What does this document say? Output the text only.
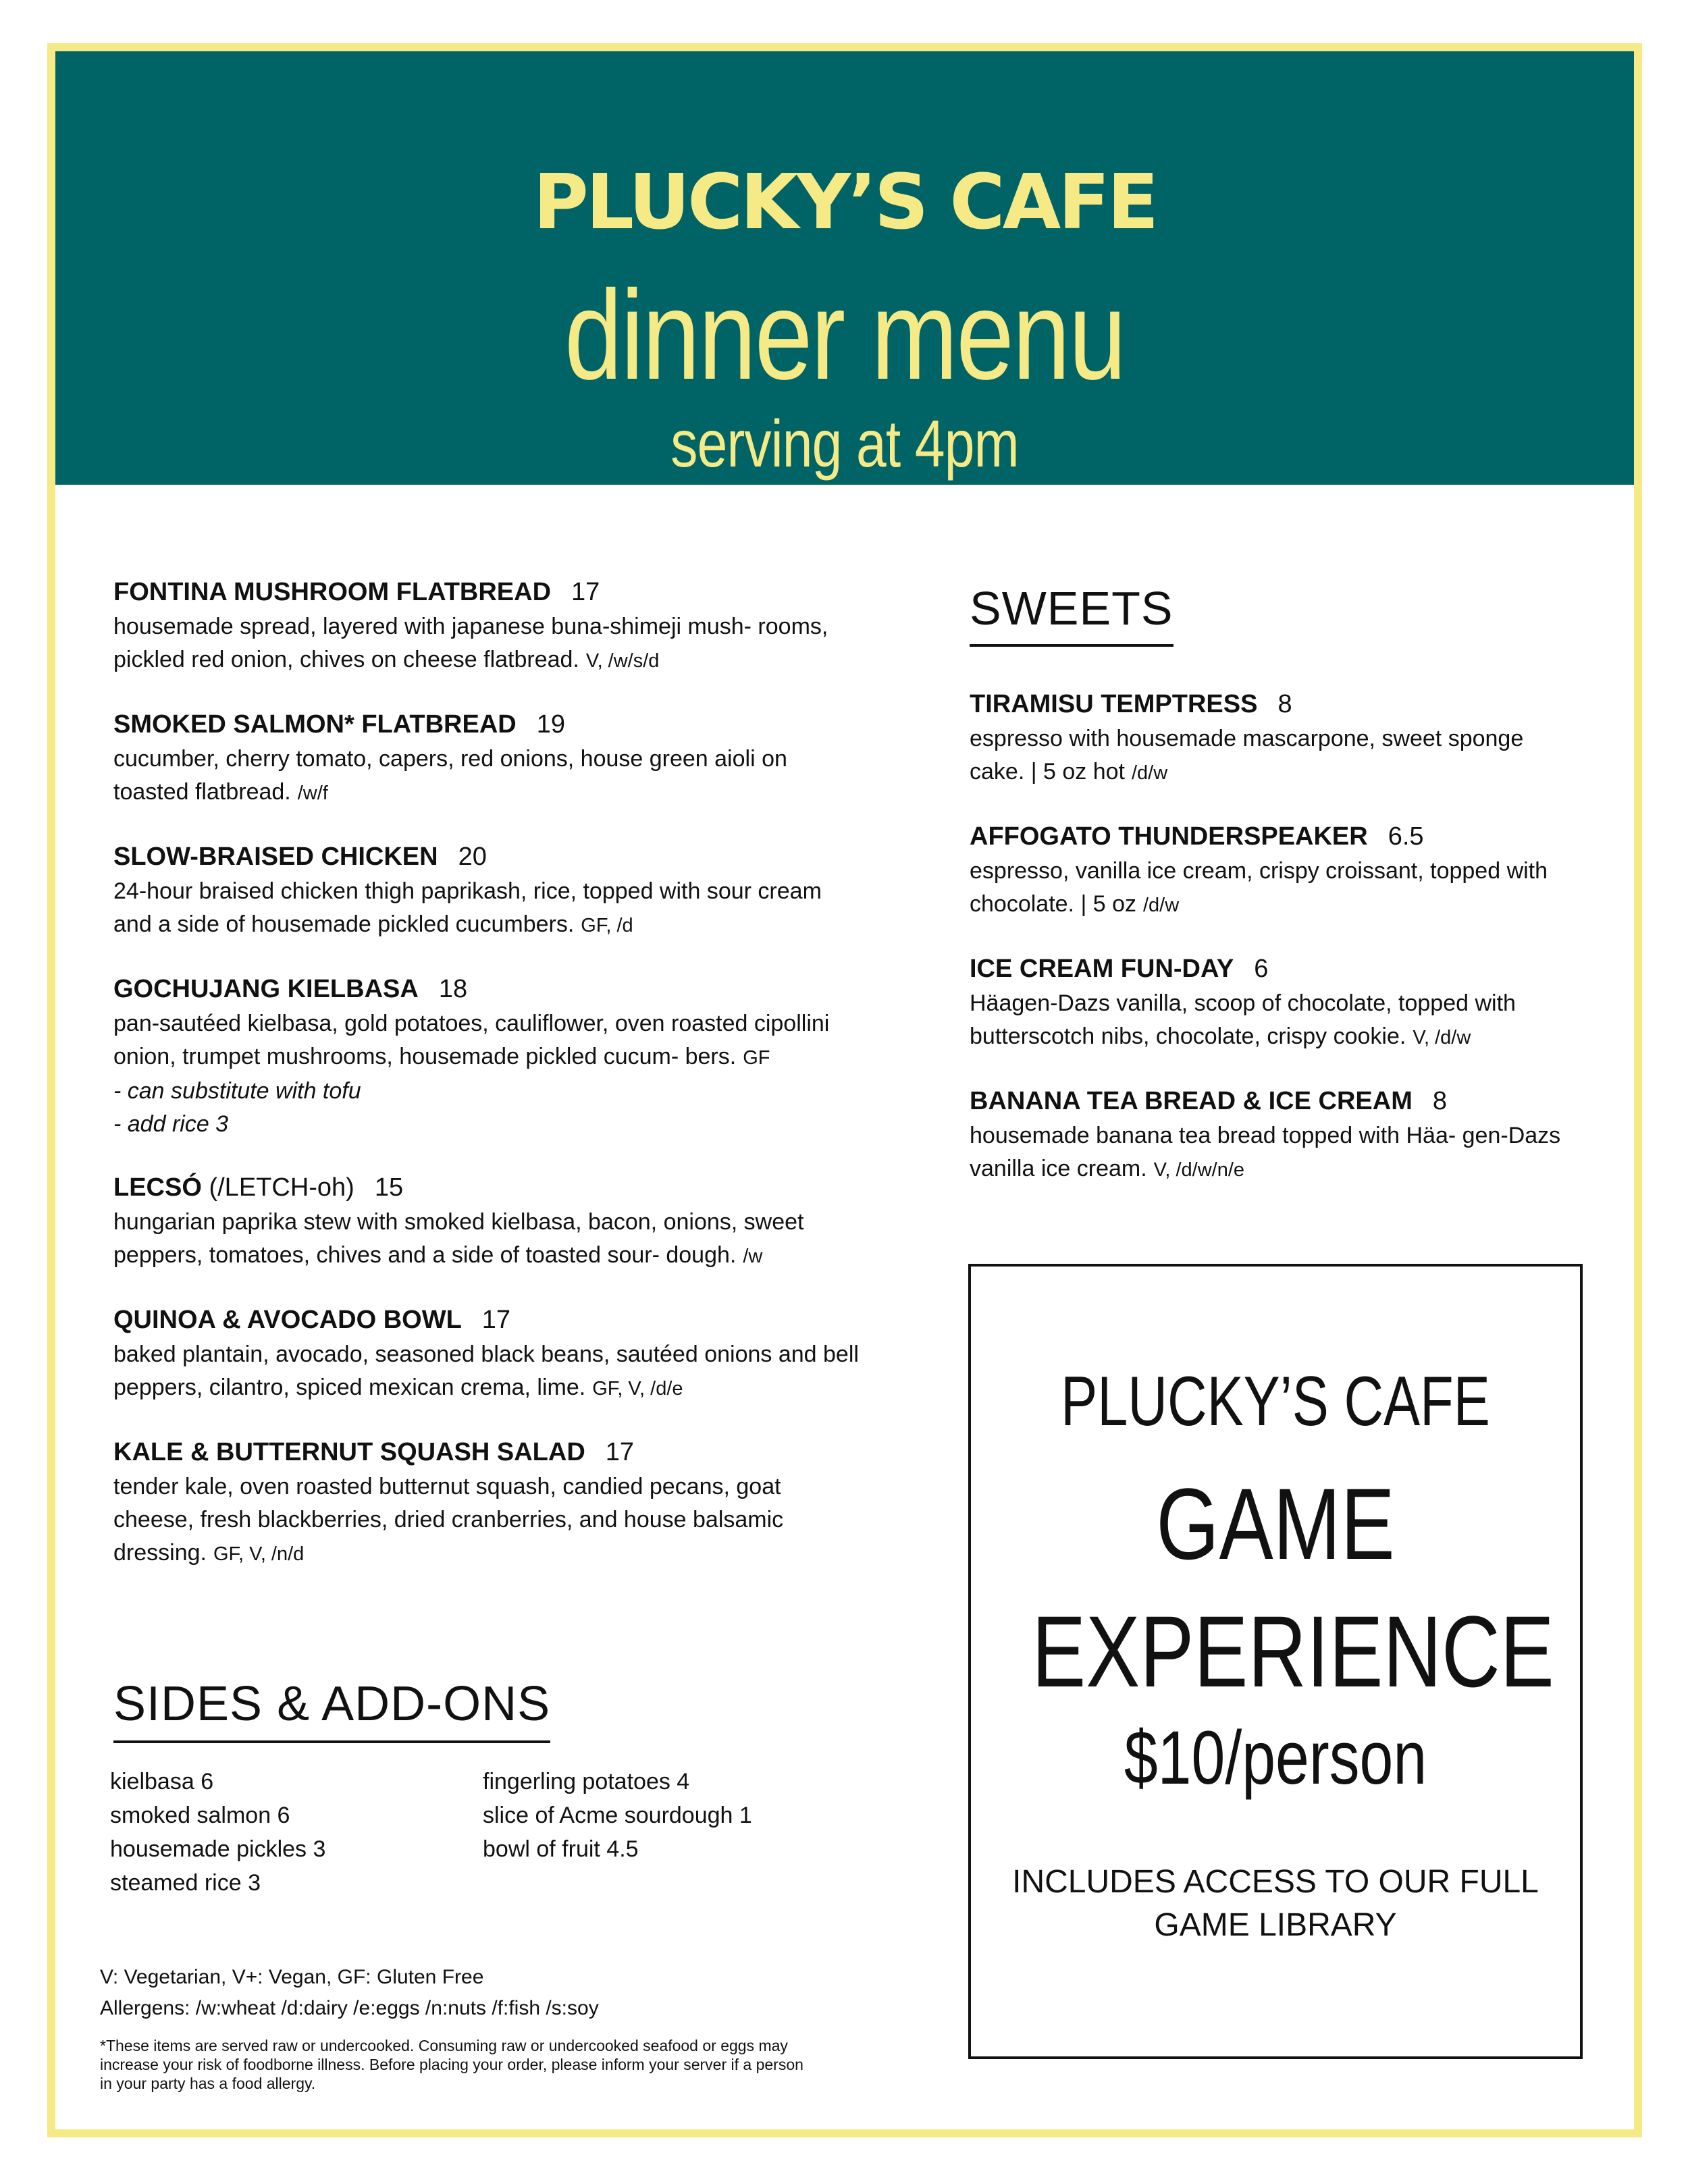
PLUCKY’S CAFE
dinner menu
serving at 4pm
FONTINA MUSHROOM FLATBREAD 17
housemade spread, layered with japanese buna-shimeji mush- rooms, pickled red onion, chives on cheese flatbread. V, /w/s/d
SMOKED SALMON* FLATBREAD 19
cucumber, cherry tomato, capers, red onions, house green aioli on toasted flatbread. /w/f
SLOW-BRAISED CHICKEN 20
24-hour braised chicken thigh paprikash, rice, topped with sour cream and a side of housemade pickled cucumbers. GF, /d
GOCHUJANG KIELBASA 18
pan-sautéed kielbasa, gold potatoes, cauliflower, oven roasted cipollini onion, trumpet mushrooms, housemade pickled cucum- bers. GF
- can substitute with tofu
- add rice 3
LECSÓ (/LETCH-oh) 15
hungarian paprika stew with smoked kielbasa, bacon, onions, sweet peppers, tomatoes, chives and a side of toasted sour- dough. /w
QUINOA & AVOCADO BOWL 17
baked plantain, avocado, seasoned black beans, sautéed onions and bell peppers, cilantro, spiced mexican crema, lime. GF, V, /d/e
KALE & BUTTERNUT SQUASH SALAD 17
tender kale, oven roasted butternut squash, candied pecans, goat cheese, fresh blackberries, dried cranberries, and house balsamic dressing. GF, V, /n/d
SIDES & ADD-ONS
kielbasa 6
smoked salmon 6
housemade pickles 3
steamed rice 3
fingerling potatoes 4
slice of Acme sourdough 1
bowl of fruit 4.5
V: Vegetarian, V+: Vegan, GF: Gluten Free
Allergens: /w:wheat /d:dairy /e:eggs /n:nuts /f:fish /s:soy
*These items are served raw or undercooked. Consuming raw or undercooked seafood or eggs may increase your risk of foodborne illness. Before placing your order, please inform your server if a person in your party has a food allergy.
SWEETS
TIRAMISU TEMPTRESS 8
espresso with housemade mascarpone, sweet sponge cake. | 5 oz hot /d/w
AFFOGATO THUNDERSPEAKER 6.5
espresso, vanilla ice cream, crispy croissant, topped with chocolate. | 5 oz /d/w
ICE CREAM FUN-DAY 6
Häagen-Dazs vanilla, scoop of chocolate, topped with butterscotch nibs, chocolate, crispy cookie. V, /d/w
BANANA TEA BREAD & ICE CREAM 8
housemade banana tea bread topped with Häa- gen-Dazs vanilla ice cream. V, /d/w/n/e
PLUCKY’S CAFE
GAME
EXPERIENCE
$10/person
INCLUDES ACCESS TO OUR FULL GAME LIBRARY
